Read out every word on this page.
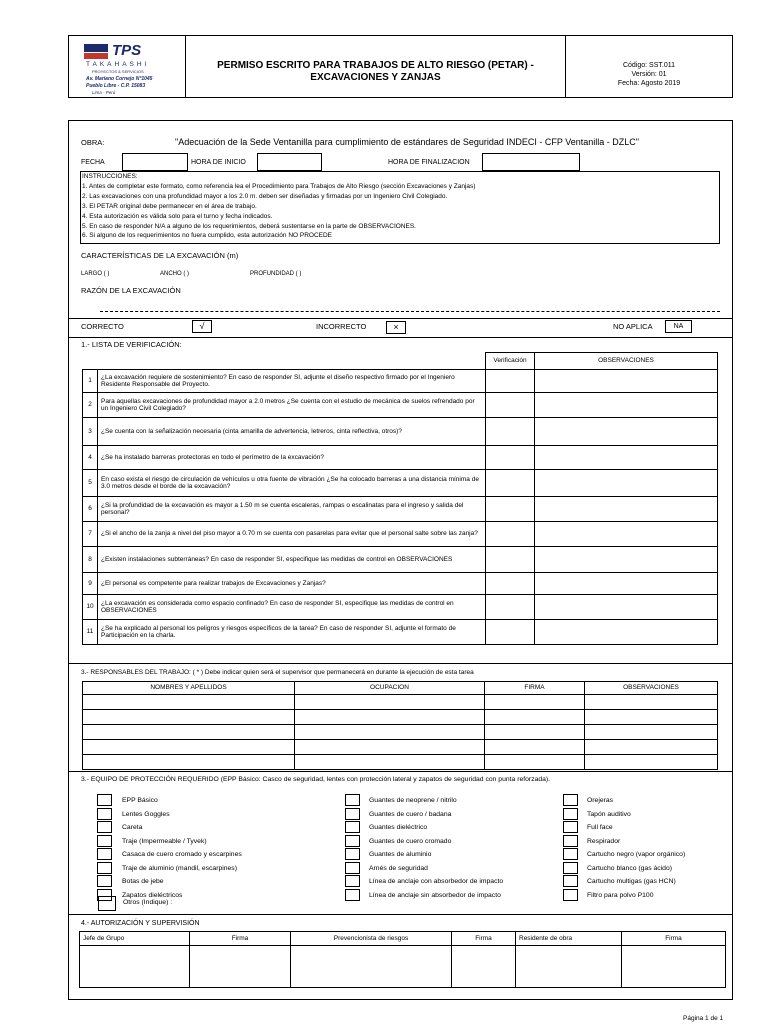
TPS
TAKAHASHI
PROYECTOS & SERVICIOS
Av. Mariano Cornejo N°1045
Pueblo Libre - C.P. 15083
Lima - Perú
PERMISO ESCRITO PARA TRABAJOS DE ALTO RIESGO (PETAR) -
EXCAVACIONES Y ZANJAS
Código: SST.011
Versión: 01
Fecha: Agosto 2019
OBRA:	"Adecuación de la Sede Ventanilla para cumplimiento de estándares de Seguridad INDECI - CFP Ventanilla - DZLC"
FECHA	HORA DE INICIO	HORA DE FINALIZACION
INSTRUCCIONES:
1. Antes de completar este formato, como referencia lea el Procedimiento para Trabajos de Alto Riesgo (sección Excavaciones y Zanjas)
2. Las excavaciones con una profundidad mayor a los 2.0 m. deben ser diseñadas y firmadas por un Ingeniero Civil Colegiado.
3. El PETAR original debe permanecer en el área de trabajo.
4. Esta autorización es válida solo para el turno y fecha indicados.
5. En caso de responder N/A a alguno de los requerimientos, deberá sustentarse en la parte de OBSERVACIONES.
6. Si alguno de los requerimientos no fuera cumplido, esta autorización NO PROCEDE
CARACTERÍSTICAS DE LA EXCAVACIÓN (m)
LARGO ( )	ANCHO ( )	PROFUNDIDAD ( )
RAZÓN DE LA EXCAVACIÓN
CORRECTO	√	INCORRECTO	×	NO APLICA	NA
1.- LISTA DE VERIFICACIÓN:
		Verificación	OBSERVACIONES
1	¿La excavación requiere de sostenimiento? En caso de responder SI, adjunte el diseño respectivo firmado por el Ingeniero Residente Responsable del Proyecto.		
2	Para aquellas excavaciones de profundidad mayor a 2.0 metros ¿Se cuenta con el estudio de mecánica de suelos refrendado por un Ingeniero Civil Colegiado?		
3	¿Se cuenta con la señalización necesaria (cinta amarilla de advertencia, letreros, cinta reflectiva, otros)?		
4	¿Se ha instalado barreras protectoras en todo el perímetro de la excavación?		
5	En caso exista el riesgo de circulación de vehículos u otra fuente de vibración ¿Se ha colocado barreras a una distancia mínima de 3.0 metros desde el borde de la excavación?		
6	¿Si la profundidad de la excavación es mayor a 1.50 m se cuenta escaleras, rampas o escalinatas para el ingreso y salida del personal?		
7	¿Si el ancho de la zanja a nivel del piso mayor a 0.70 m se cuenta con pasarelas para evitar que el personal salte sobre las zanja?		
8	¿Existen instalaciones subterráneas? En caso de responder SI, especifique las medidas de control en OBSERVACIONES		
9	¿El personal es competente para realizar trabajos de Excavaciones y Zanjas?		
10	¿La excavación es considerada como espacio confinado? En caso de responder SI, especifique las medidas de control en OBSERVACIONES		
11	¿Se ha explicado al personal los peligros y riesgos específicos de la tarea? En caso de responder SI, adjunte el formato de Participación en la charla.		
3.- RESPONSABLES DEL TRABAJO: ( * ) Debe indicar quien será el supervisor que permanecerá en durante la ejecución de esta tarea
NOMBRES Y APELLIDOS	OCUPACION	FIRMA	OBSERVACIONES

3.- EQUIPO DE PROTECCIÓN REQUERIDO (EPP Básico: Casco de seguridad, lentes con protección lateral y zapatos de seguridad con punta reforzada).
EPP Básico
Lentes Goggles
Careta
Traje (Impermeable / Tyvek)
Casaca de cuero cromado y escarpines
Traje de aluminio (mandil, escarpines)
Botas de jebe
Zapatos dieléctricos
Guantes de neoprene / nitrilo
Guantes de cuero / badana
Guantes dieléctrico
Guantes de cuero cromado
Guantes de aluminio
Arnés de seguridad
Línea de anclaje con absorbedor de impacto
Línea de anclaje sin absorbedor de impacto
Orejeras
Tapón auditivo
Full face
Respirador
Cartucho negro (vapor orgánico)
Cartucho blanco (gas ácido)
Cartucho multigas (gas HCN)
Filtro para polvo P100
Otros (Indique) :
4.- AUTORIZACIÓN Y SUPERVISIÓN
Jefe de Grupo	Firma	Prevencionista de riesgos	Firma	Residente de obra	Firma

Página 1 de 1
